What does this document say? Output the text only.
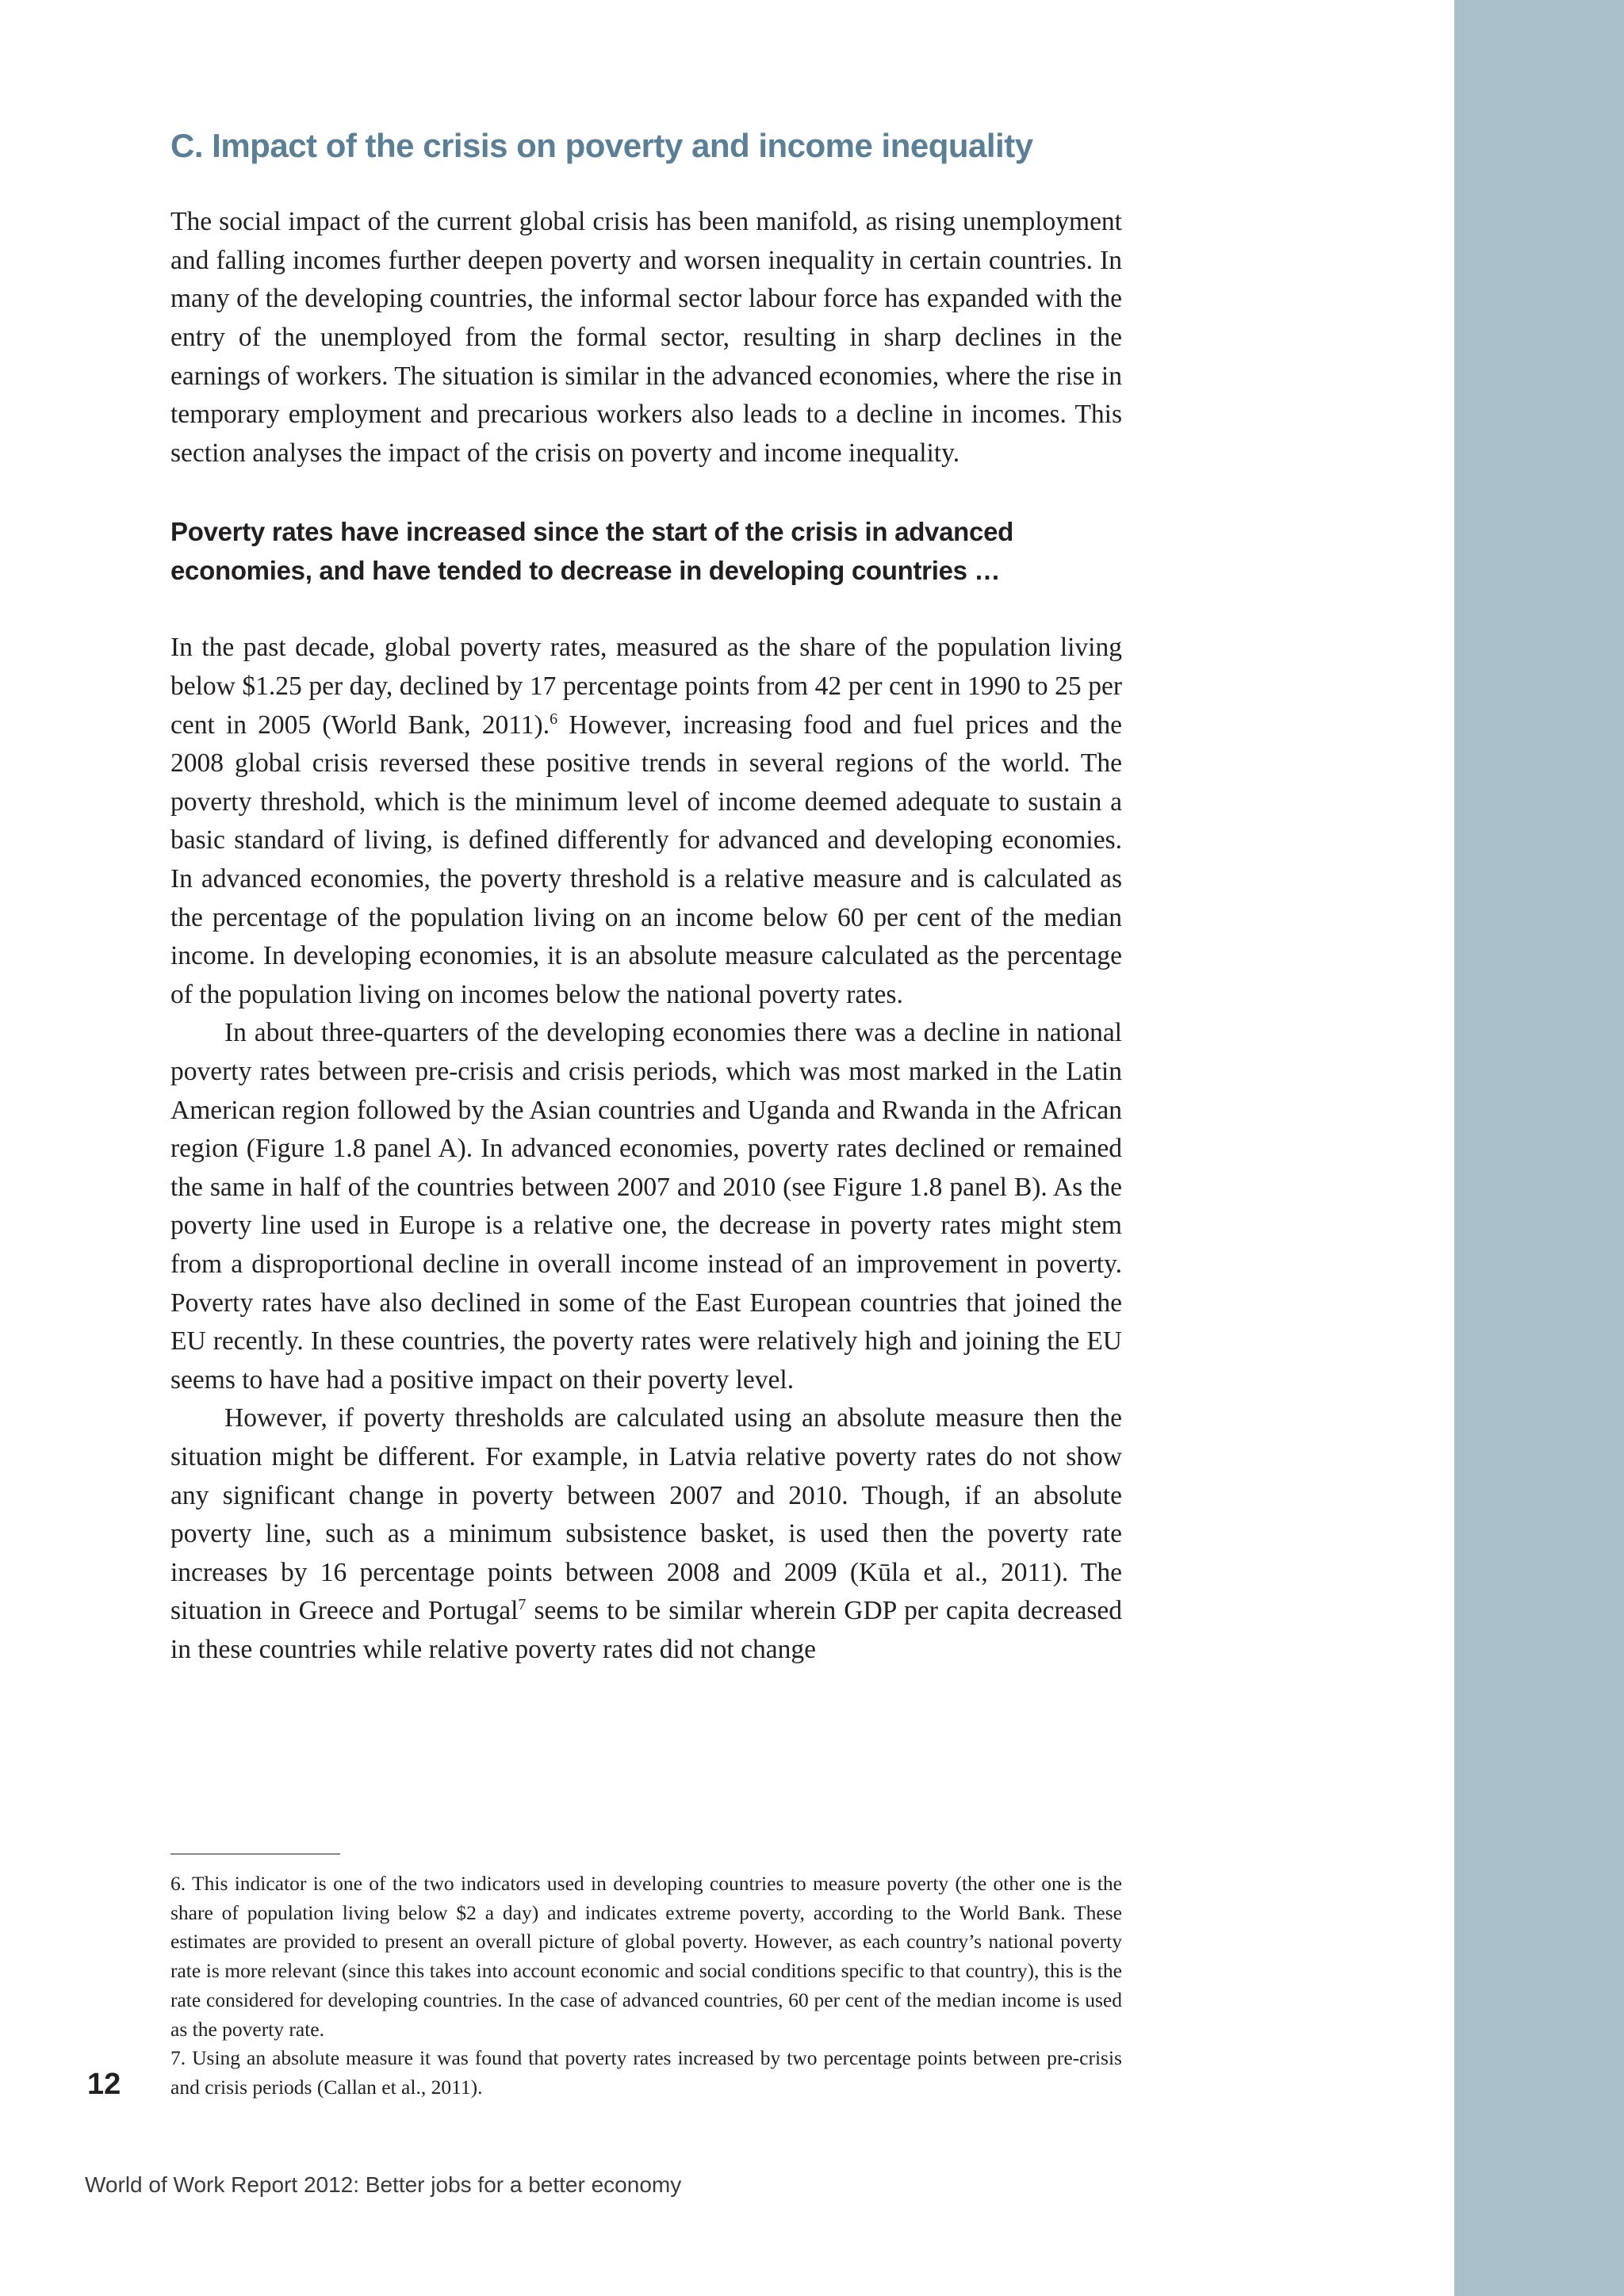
C. Impact of the crisis on poverty and income inequality

The social impact of the current global crisis has been manifold, as rising unemployment and falling incomes further deepen poverty and worsen inequality in certain countries. In many of the developing countries, the informal sector labour force has expanded with the entry of the unemployed from the formal sector, resulting in sharp declines in the earnings of workers. The situation is similar in the advanced economies, where the rise in temporary employment and precarious workers also leads to a decline in incomes. This section analyses the impact of the crisis on poverty and income inequality.

Poverty rates have increased since the start of the crisis in advanced
economies, and have tended to decrease in developing countries …

In the past decade, global poverty rates, measured as the share of the population living below $1.25 per day, declined by 17 percentage points from 42 per cent in 1990 to 25 per cent in 2005 (World Bank, 2011).$^6$ However, increasing food and fuel prices and the 2008 global crisis reversed these positive trends in several regions of the world. The poverty threshold, which is the minimum level of income deemed adequate to sustain a basic standard of living, is defined differently for advanced and developing economies. In advanced economies, the poverty threshold is a relative measure and is calculated as the percentage of the population living on an income below 60 per cent of the median income. In developing economies, it is an absolute measure calculated as the percentage of the population living on incomes below the national poverty rates.

In about three-quarters of the developing economies there was a decline in national poverty rates between pre-crisis and crisis periods, which was most marked in the Latin American region followed by the Asian countries and Uganda and Rwanda in the African region (Figure 1.8 panel A). In advanced economies, poverty rates declined or remained the same in half of the countries between 2007 and 2010 (see Figure 1.8 panel B). As the poverty line used in Europe is a relative one, the decrease in poverty rates might stem from a disproportional decline in overall income instead of an improvement in poverty. Poverty rates have also declined in some of the East European countries that joined the EU recently. In these countries, the poverty rates were relatively high and joining the EU seems to have had a positive impact on their poverty level.

However, if poverty thresholds are calculated using an absolute measure then the situation might be different. For example, in Latvia relative poverty rates do not show any significant change in poverty between 2007 and 2010. Though, if an absolute poverty line, such as a minimum subsistence basket, is used then the poverty rate increases by 16 percentage points between 2008 and 2009 (Kūla et al., 2011). The situation in Greece and Portugal$^7$ seems to be similar wherein GDP per capita decreased in these countries while relative poverty rates did not change

6. This indicator is one of the two indicators used in developing countries to measure poverty (the other one is the share of population living below $2 a day) and indicates extreme poverty, according to the World Bank. These estimates are provided to present an overall picture of global poverty. However, as each country’s national poverty rate is more relevant (since this takes into account economic and social conditions specific to that country), this is the rate considered for developing countries. In the case of advanced countries, 60 per cent of the median income is used as the poverty rate.

7. Using an absolute measure it was found that poverty rates increased by two percentage points between pre-crisis and crisis periods (Callan et al., 2011).

12
World of Work Report 2012: Better jobs for a better economy
